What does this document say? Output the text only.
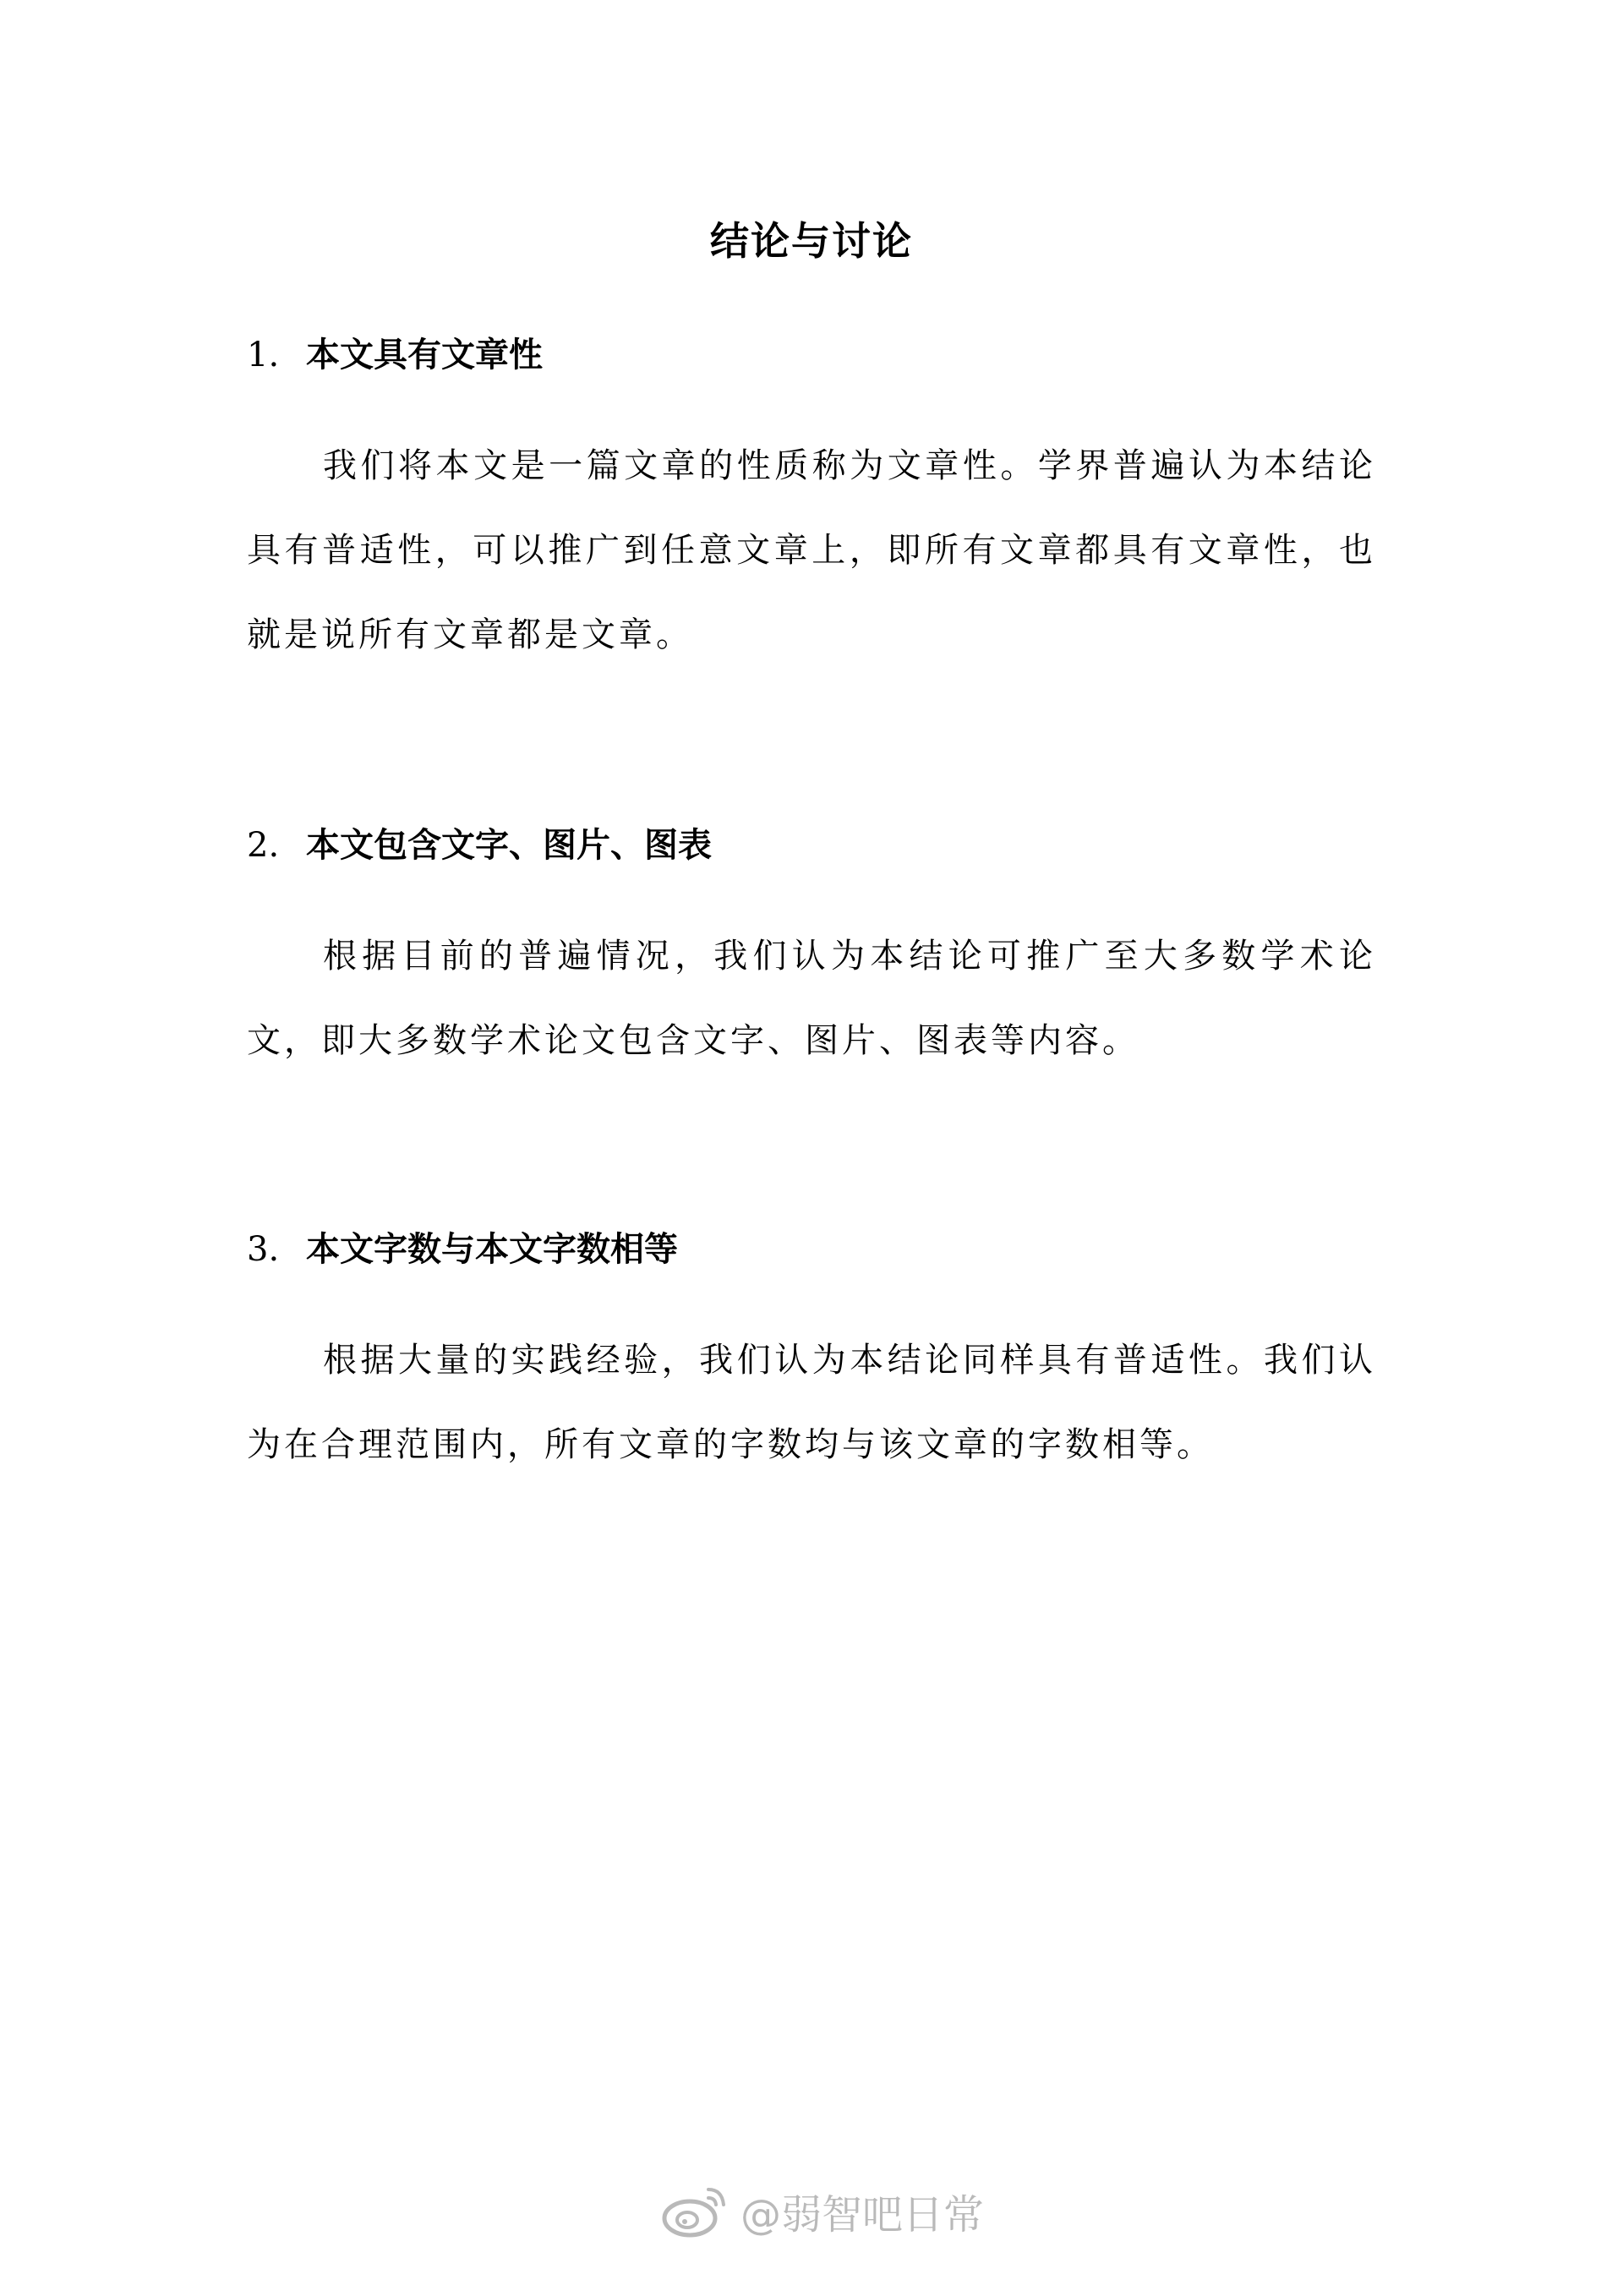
结论与讨论
1. 本文具有文章性
我们将本文是一篇文章的性质称为文章性。学界普遍认为本结论具有普适性，可以推广到任意文章上，即所有文章都具有文章性，也就是说所有文章都是文章。
2. 本文包含文字、图片、图表
根据目前的普遍情况，我们认为本结论可推广至大多数学术论文，即大多数学术论文包含文字、图片、图表等内容。
3. 本文字数与本文字数相等
根据大量的实践经验，我们认为本结论同样具有普适性。我们认为在合理范围内，所有文章的字数均与该文章的字数相等。
@弱智吧日常
